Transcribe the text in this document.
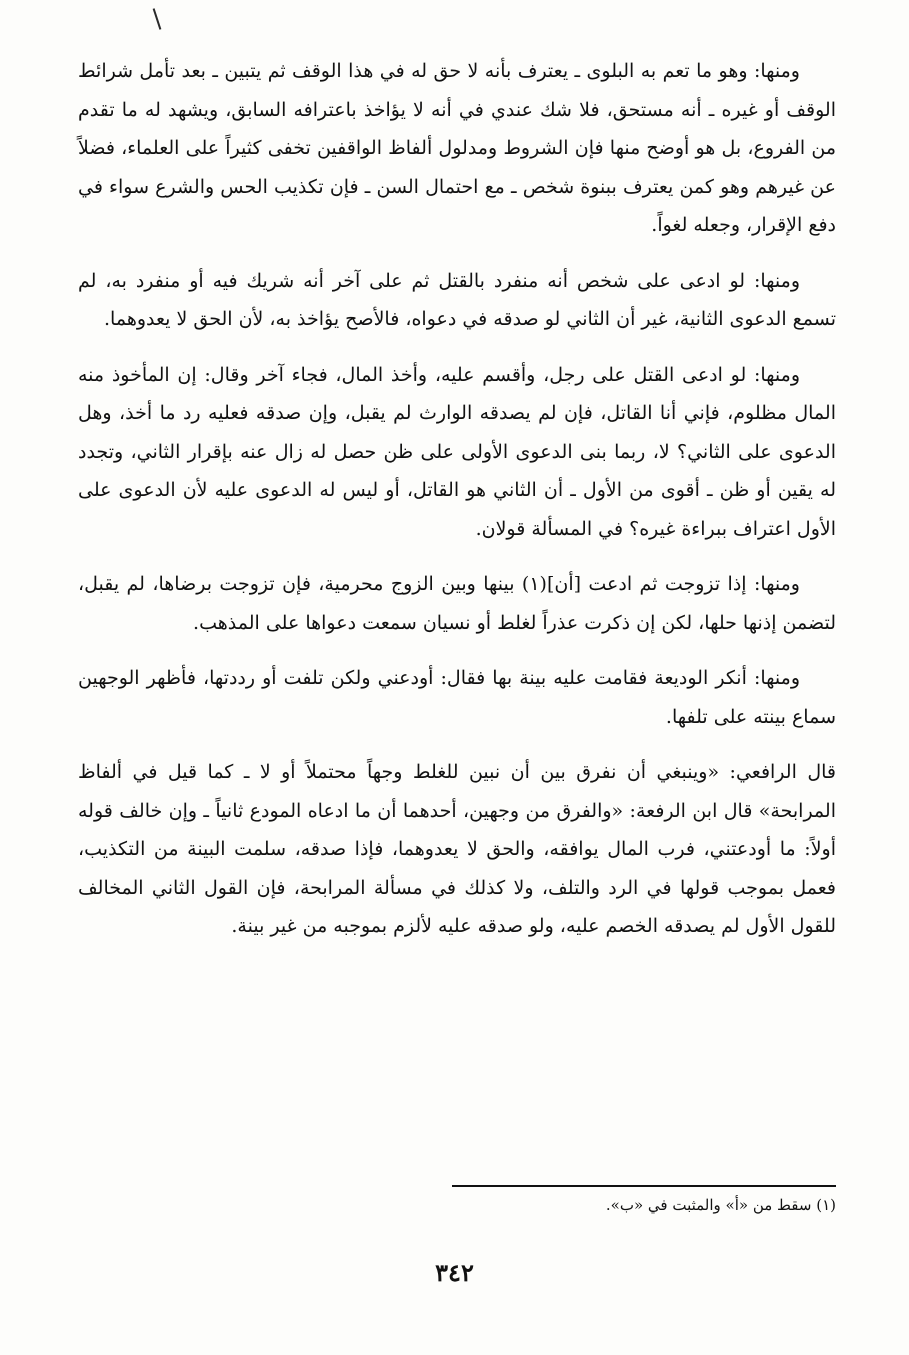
ومنها: وهو ما تعم به البلوى ـ يعترف بأنه لا حق له في هذا الوقف ثم يتبين ـ بعد تأمل شرائط الوقف أو غيره ـ أنه مستحق، فلا شك عندي في أنه لا يؤاخذ باعترافه السابق، ويشهد له ما تقدم من الفروع، بل هو أوضح منها فإن الشروط ومدلول ألفاظ الواقفين تخفى كثيراً على العلماء، فضلاً عن غيرهم وهو كمن يعترف ببنوة شخص ـ مع احتمال السن ـ فإن تكذيب الحس والشرع سواء في دفع الإقرار، وجعله لغواً.

ومنها: لو ادعى على شخص أنه منفرد بالقتل ثم على آخر أنه شريك فيه أو منفرد به، لم تسمع الدعوى الثانية، غير أن الثاني لو صدقه في دعواه، فالأصح يؤاخذ به، لأن الحق لا يعدوهما.

ومنها: لو ادعى القتل على رجل، وأقسم عليه، وأخذ المال، فجاء آخر وقال: إن المأخوذ منه المال مظلوم، فإني أنا القاتل، فإن لم يصدقه الوارث لم يقبل، وإن صدقه فعليه رد ما أخذ، وهل الدعوى على الثاني؟ لا، ربما بنى الدعوى الأولى على ظن حصل له زال عنه بإقرار الثاني، وتجدد له يقين أو ظن ـ أقوى من الأول ـ أن الثاني هو القاتل، أو ليس له الدعوى عليه لأن الدعوى على الأول اعتراف ببراءة غيره؟ في المسألة قولان.

ومنها: إذا تزوجت ثم ادعت [أن](١) بينها وبين الزوج محرمية، فإن تزوجت برضاها، لم يقبل، لتضمن إذنها حلها، لكن إن ذكرت عذراً لغلط أو نسيان سمعت دعواها على المذهب.

ومنها: أنكر الوديعة فقامت عليه بينة بها فقال: أودعني ولكن تلفت أو رددتها، فأظهر الوجهين سماع بينته على تلفها.

قال الرافعي: «وينبغي أن نفرق بين أن نبين للغلط وجهاً محتملاً أو لا ـ كما قيل في ألفاظ المرابحة» قال ابن الرفعة: «والفرق من وجهين، أحدهما أن ما ادعاه المودع ثانياً ـ وإن خالف قوله أولاً: ما أودعتني، فرب المال يوافقه، والحق لا يعدوهما، فإذا صدقه، سلمت البينة من التكذيب، فعمل بموجب قولها في الرد والتلف، ولا كذلك في مسألة المرابحة، فإن القول الثاني المخالف للقول الأول لم يصدقه الخصم عليه، ولو صدقه عليه لألزم بموجبه من غير بينة.

(١) سقط من «أ» والمثبت في «ب».
٣٤٢
